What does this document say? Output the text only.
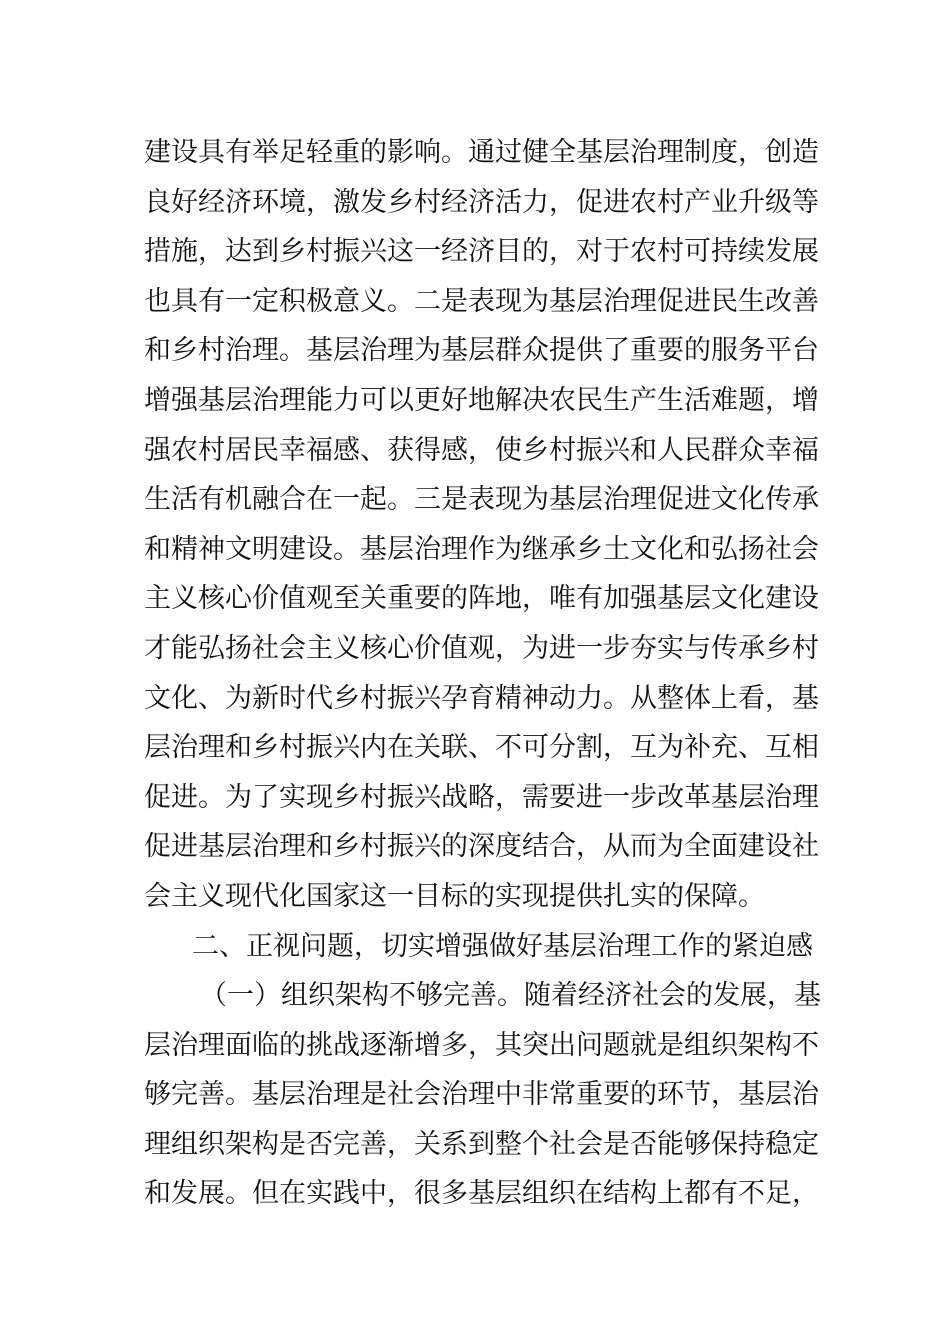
建设具有举足轻重的影响。通过健全基层治理制度，创造
良好经济环境，激发乡村经济活力，促进农村产业升级等
措施，达到乡村振兴这一经济目的，对于农村可持续发展
也具有一定积极意义。二是表现为基层治理促进民生改善
和乡村治理。基层治理为基层群众提供了重要的服务平台
增强基层治理能力可以更好地解决农民生产生活难题，增
强农村居民幸福感、获得感，使乡村振兴和人民群众幸福
生活有机融合在一起。三是表现为基层治理促进文化传承
和精神文明建设。基层治理作为继承乡土文化和弘扬社会
主义核心价值观至关重要的阵地，唯有加强基层文化建设
才能弘扬社会主义核心价值观，为进一步夯实与传承乡村
文化、为新时代乡村振兴孕育精神动力。从整体上看，基
层治理和乡村振兴内在关联、不可分割，互为补充、互相
促进。为了实现乡村振兴战略，需要进一步改革基层治理
促进基层治理和乡村振兴的深度结合，从而为全面建设社
会主义现代化国家这一目标的实现提供扎实的保障。
二、正视问题，切实增强做好基层治理工作的紧迫感
（一）组织架构不够完善。随着经济社会的发展，基
层治理面临的挑战逐渐增多，其突出问题就是组织架构不
够完善。基层治理是社会治理中非常重要的环节，基层治
理组织架构是否完善，关系到整个社会是否能够保持稳定
和发展。但在实践中，很多基层组织在结构上都有不足，
